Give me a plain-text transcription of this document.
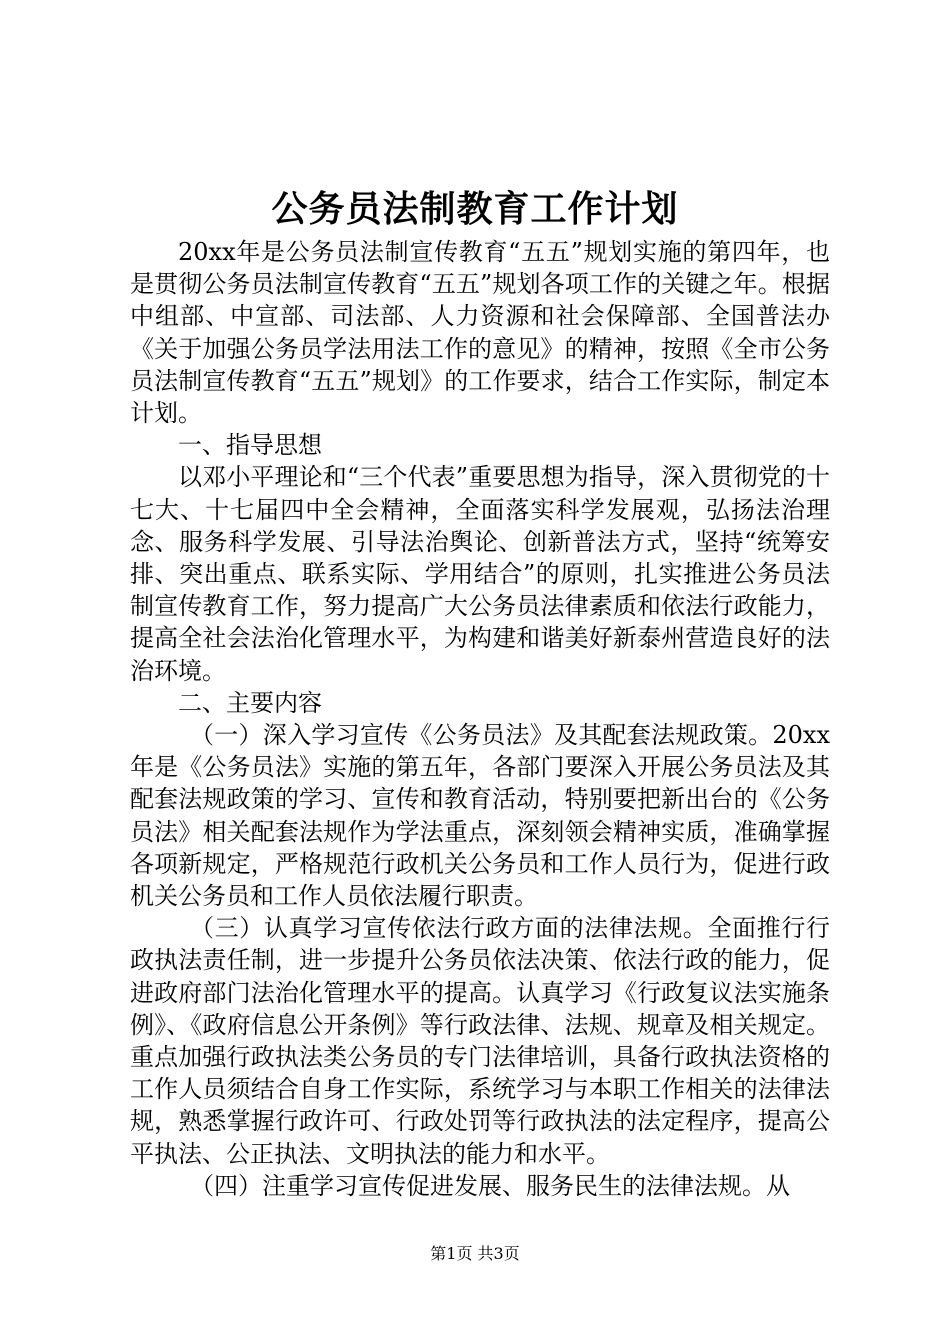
公务员法制教育工作计划

20xx年是公务员法制宣传教育“五五”规划实施的第四年，也是贯彻公务员法制宣传教育“五五”规划各项工作的关键之年。根据中组部、中宣部、司法部、人力资源和社会保障部、全国普法办《关于加强公务员学法用法工作的意见》的精神，按照《全市公务员法制宣传教育“五五”规划》的工作要求，结合工作实际，制定本计划。

一、指导思想

以邓小平理论和“三个代表”重要思想为指导，深入贯彻党的十七大、十七届四中全会精神，全面落实科学发展观，弘扬法治理念、服务科学发展、引导法治舆论、创新普法方式，坚持“统筹安排、突出重点、联系实际、学用结合”的原则，扎实推进公务员法制宣传教育工作，努力提高广大公务员法律素质和依法行政能力，提高全社会法治化管理水平，为构建和谐美好新泰州营造良好的法治环境。

二、主要内容

（一）深入学习宣传《公务员法》及其配套法规政策。20xx年是《公务员法》实施的第五年，各部门要深入开展公务员法及其配套法规政策的学习、宣传和教育活动，特别要把新出台的《公务员法》相关配套法规作为学法重点，深刻领会精神实质，准确掌握各项新规定，严格规范行政机关公务员和工作人员行为，促进行政机关公务员和工作人员依法履行职责。

（三）认真学习宣传依法行政方面的法律法规。全面推行行政执法责任制，进一步提升公务员依法决策、依法行政的能力，促进政府部门法治化管理水平的提高。认真学习《行政复议法实施条例》、《政府信息公开条例》等行政法律、法规、规章及相关规定。重点加强行政执法类公务员的专门法律培训，具备行政执法资格的工作人员须结合自身工作实际，系统学习与本职工作相关的法律法规，熟悉掌握行政许可、行政处罚等行政执法的法定程序，提高公平执法、公正执法、文明执法的能力和水平。

（四）注重学习宣传促进发展、服务民生的法律法规。从

第1页 共3页
